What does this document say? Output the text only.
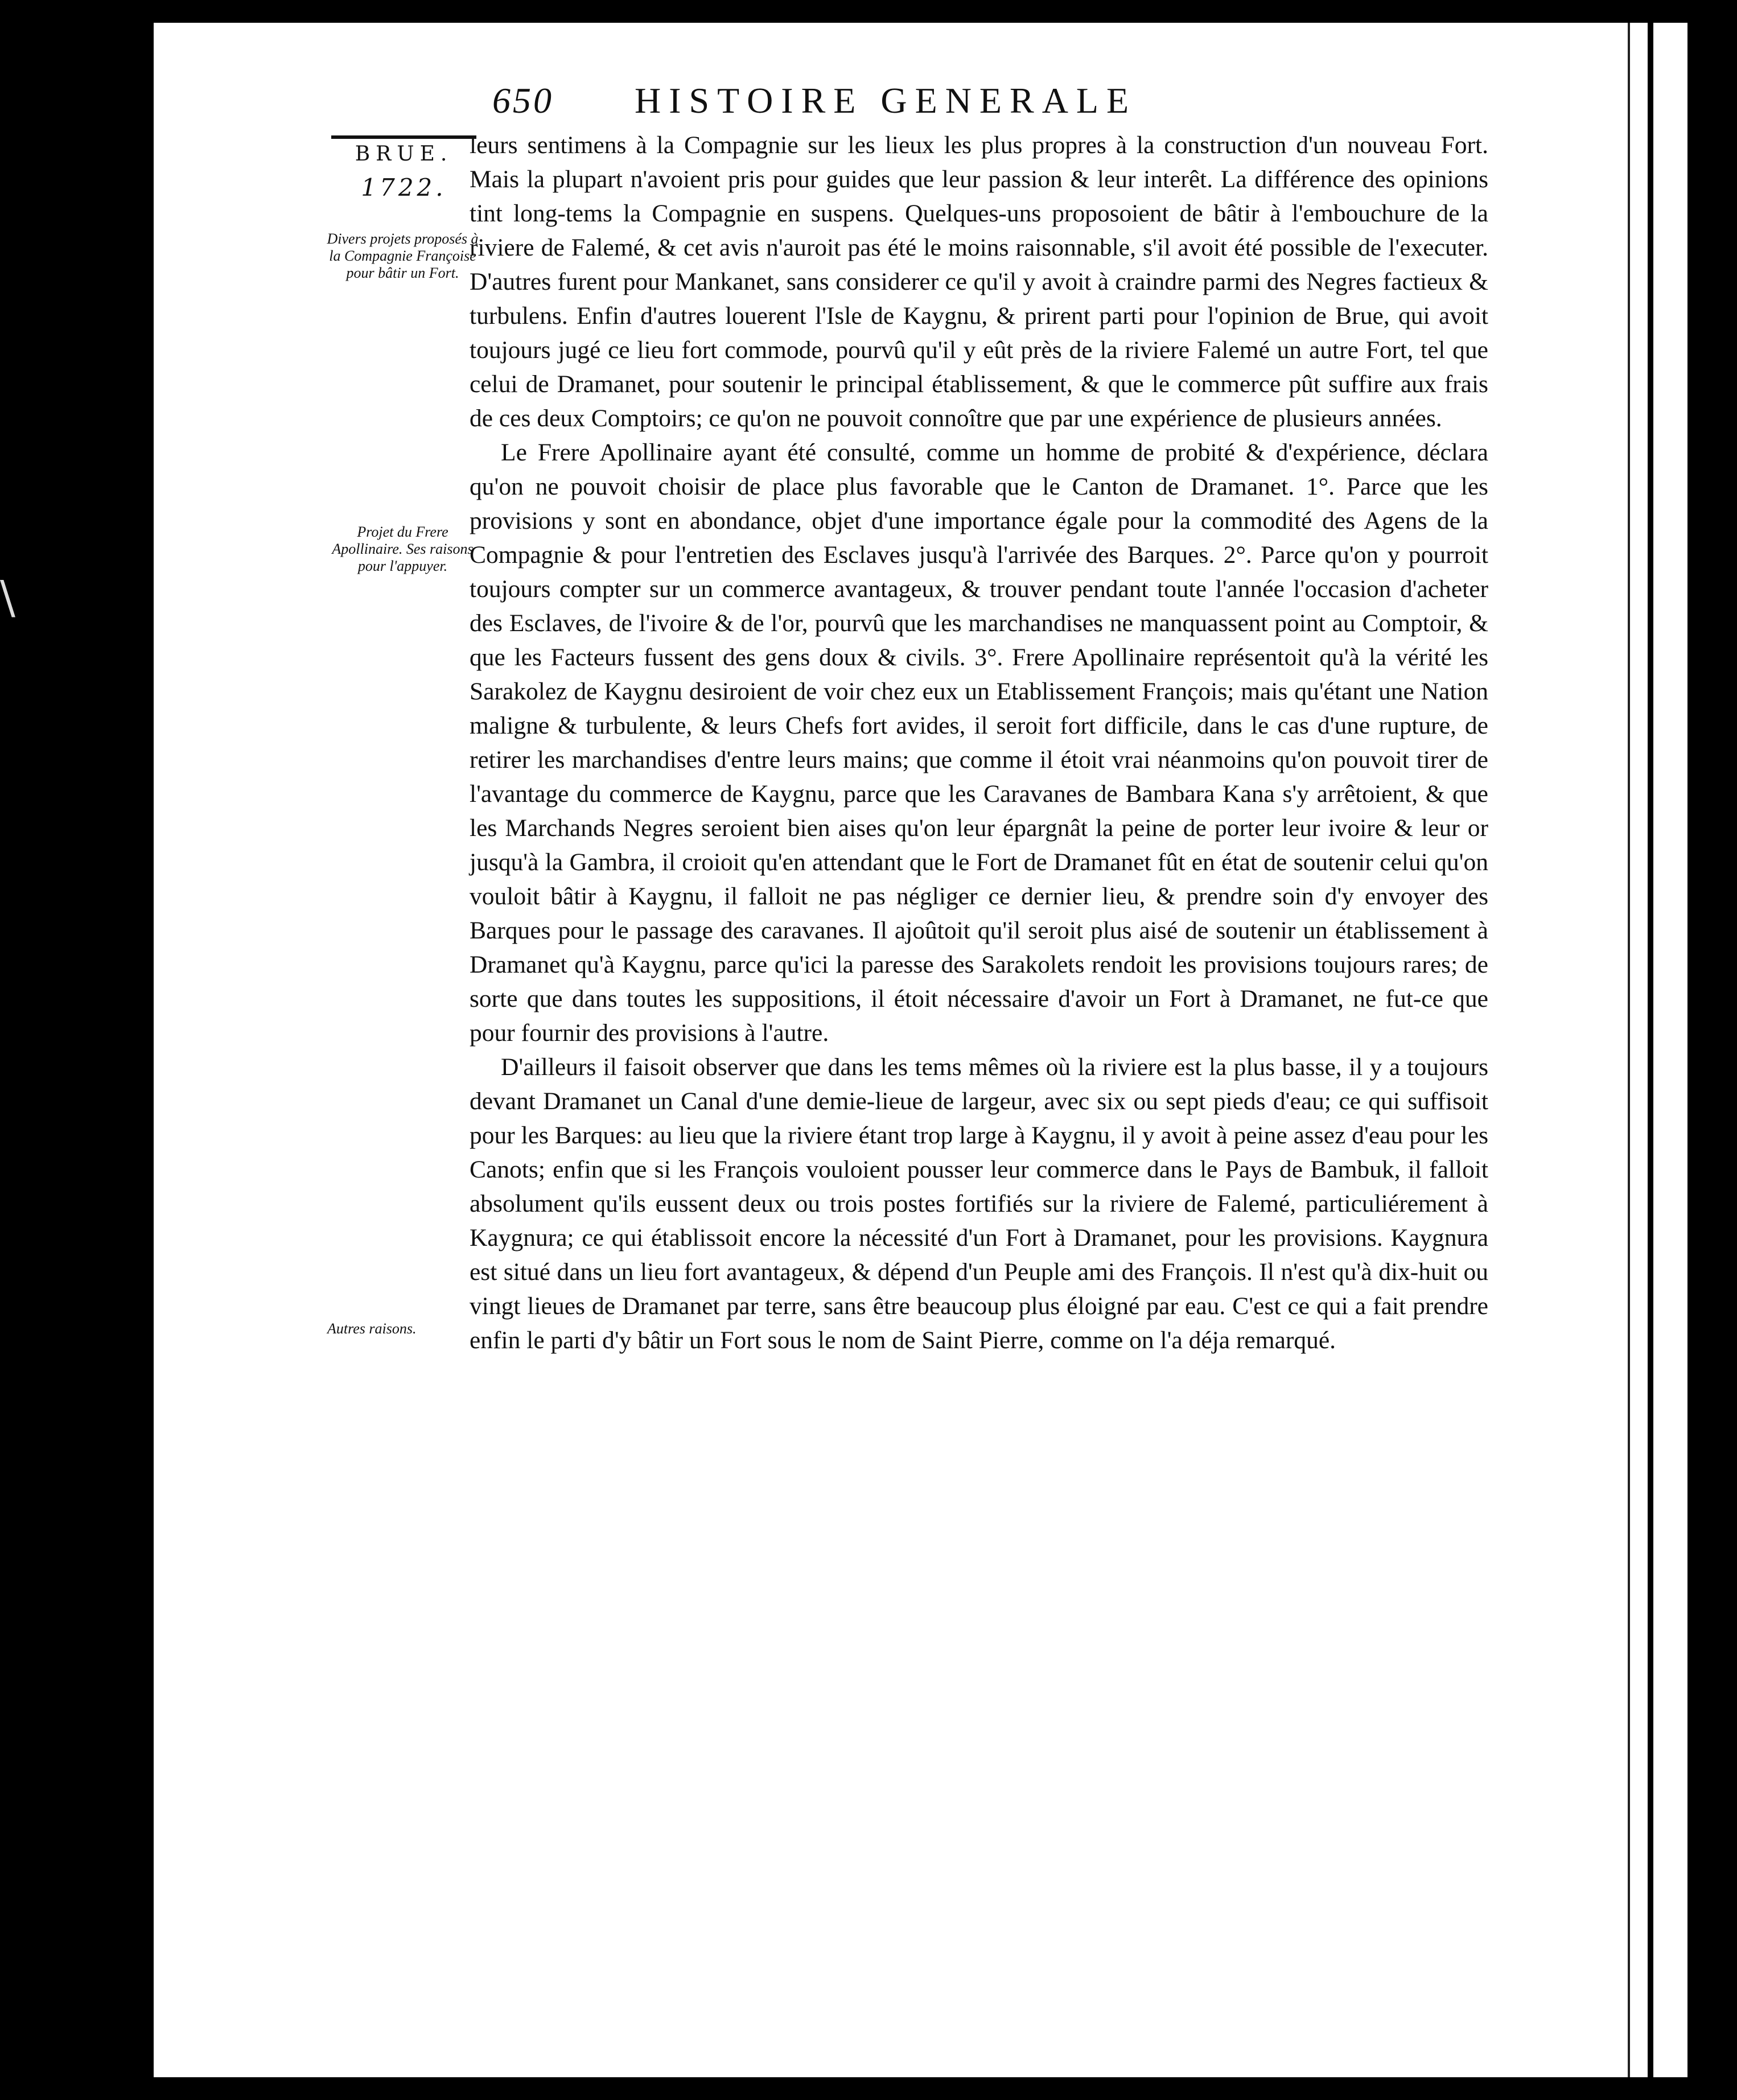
\
650 HISTOIRE GENERALE
BRUE.
1722.
Divers projets proposés à la Compagnie Françoise pour bâtir un Fort.
Projet du Frere Apollinaire. Ses raisons pour l'appuyer.
Autres raisons.

leurs sentimens à la Compagnie sur les lieux les plus propres à la construction d'un nouveau Fort. Mais la plupart n'avoient pris pour guides que leur passion & leur interêt. La différence des opinions tint long-tems la Compagnie en suspens. Quelques-uns proposoient de bâtir à l'embouchure de la riviere de Falemé, & cet avis n'auroit pas été le moins raisonnable, s'il avoit été possible de l'executer. D'autres furent pour Mankanet, sans considerer ce qu'il y avoit à craindre parmi des Negres factieux & turbulens. Enfin d'autres louerent l'Isle de Kaygnu, & prirent parti pour l'opinion de Brue, qui avoit toujours jugé ce lieu fort commode, pourvû qu'il y eût près de la riviere Falemé un autre Fort, tel que celui de Dramanet, pour soutenir le principal établissement, & que le commerce pût suffire aux frais de ces deux Comptoirs; ce qu'on ne pouvoit connoître que par une expérience de plusieurs années.

Le Frere Apollinaire ayant été consulté, comme un homme de probité & d'expérience, déclara qu'on ne pouvoit choisir de place plus favorable que le Canton de Dramanet. 1°. Parce que les provisions y sont en abondance, objet d'une importance égale pour la commodité des Agens de la Compagnie & pour l'entretien des Esclaves jusqu'à l'arrivée des Barques. 2°. Parce qu'on y pourroit toujours compter sur un commerce avantageux, & trouver pendant toute l'année l'occasion d'acheter des Esclaves, de l'ivoire & de l'or, pourvû que les marchandises ne manquassent point au Comptoir, & que les Facteurs fussent des gens doux & civils. 3°. Frere Apollinaire représentoit qu'à la vérité les Sarakolez de Kaygnu desiroient de voir chez eux un Etablissement François; mais qu'étant une Nation maligne & turbulente, & leurs Chefs fort avides, il seroit fort difficile, dans le cas d'une rupture, de retirer les marchandises d'entre leurs mains; que comme il étoit vrai néanmoins qu'on pouvoit tirer de l'avantage du commerce de Kaygnu, parce que les Caravanes de Bambara Kana s'y arrêtoient, & que les Marchands Negres seroient bien aises qu'on leur épargnât la peine de porter leur ivoire & leur or jusqu'à la Gambra, il croioit qu'en attendant que le Fort de Dramanet fût en état de soutenir celui qu'on vouloit bâtir à Kaygnu, il falloit ne pas négliger ce dernier lieu, & prendre soin d'y envoyer des Barques pour le passage des caravanes. Il ajoûtoit qu'il seroit plus aisé de soutenir un établissement à Dramanet qu'à Kaygnu, parce qu'ici la paresse des Sarakolets rendoit les provisions toujours rares; de sorte que dans toutes les suppositions, il étoit nécessaire d'avoir un Fort à Dramanet, ne fut-ce que pour fournir des provisions à l'autre.

D'ailleurs il faisoit observer que dans les tems mêmes où la riviere est la plus basse, il y a toujours devant Dramanet un Canal d'une demie-lieue de largeur, avec six ou sept pieds d'eau; ce qui suffisoit pour les Barques: au lieu que la riviere étant trop large à Kaygnu, il y avoit à peine assez d'eau pour les Canots; enfin que si les François vouloient pousser leur commerce dans le Pays de Bambuk, il falloit absolument qu'ils eussent deux ou trois postes fortifiés sur la riviere de Falemé, particuliérement à Kaygnura; ce qui établissoit encore la nécessité d'un Fort à Dramanet, pour les provisions. Kaygnura est situé dans un lieu fort avantageux, & dépend d'un Peuple ami des François. Il n'est qu'à dix-huit ou vingt lieues de Dramanet par terre, sans être beaucoup plus éloigné par eau. C'est ce qui a fait prendre enfin le parti d'y bâtir un Fort sous le nom de Saint Pierre, comme on l'a déja remarqué.
